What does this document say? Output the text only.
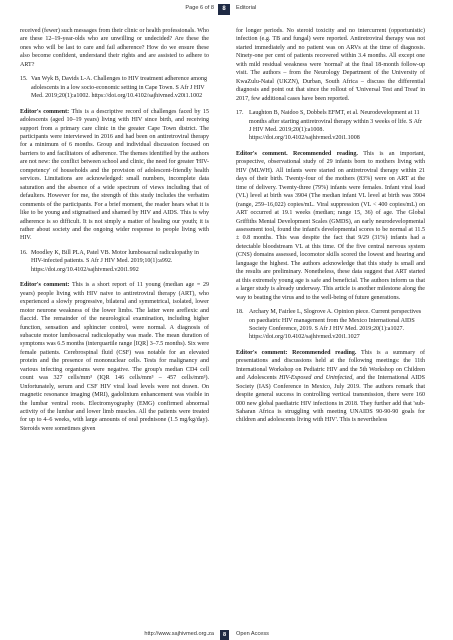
Page 6 of 8	8	Editorial

received (fewer) such messages from their clinic or health professionals. Who are these 12–19-year-olds who are unwilling or undecided? Are these the ones who will be last to care and fail adherence? How do we ensure these also become confident, understand their rights and are assisted to adhere to ART?

15. Van Wyk B, Davids L-A. Challenges to HIV treatment adherence among adolescents in a low socio-economic setting in Cape Town. S Afr J HIV Med. 2019;20(1):a1002. https://doi.org/10.4102/sajhivmed.v20i1.1002

Editor's comment: This is a descriptive record of challenges faced by 15 adolescents (aged 10–19 years) living with HIV since birth, and receiving support from a primary care clinic in the greater Cape Town district. The participants were interviewed in 2016 and had been on antiretroviral therapy for a minimum of 6 months. Group and individual discussion focused on barriers to and facilitators of adherence. The themes identified by the authors are not new: the conflict between school and clinic, the need for greater 'HIV-competency' of households and the provision of adolescent-friendly health services. Limitations are acknowledged: small numbers, incomplete data saturation and the absence of a wide spectrum of views including that of defaulters. However for me, the strength of this study includes the verbatim comments of the participants. For a brief moment, the reader hears what it is like to be young and stigmatised and shamed by HIV and AIDS. This is why adherence is so difficult. It is not simply a matter of healing our youth; it is rather about society and the ongoing wider response to people living with HIV.

16. Moodley K, Bill PLA, Patel VB. Motor lumbosacral radiculopathy in HIV-infected patients. S Afr J HIV Med. 2019;10(1):a992. https://doi.org/10.4102/sajhivmed.v20i1.992

Editor's comment: This is a short report of 11 young (median age = 29 years) people living with HIV naive to antiretroviral therapy (ART), who experienced a slowly progressive, bilateral and symmetrical, isolated, lower motor neurone weakness of the lower limbs. The latter were areflexic and flaccid. The remainder of the neurological examination, including higher function, sensation and sphincter control, were normal. A diagnosis of subacute motor lumbosacral radiculopathy was made. The mean duration of symptoms was 6.5 months (interquartile range [IQR] 3–7.5 months). Six were female patients. Cerebrospinal fluid (CSF) was notable for an elevated protein and the presence of mononuclear cells. Tests for malignancy and various infecting organisms were negative. The group's median CD4 cell count was 327 cells/mm³ (IQR 146 cells/mm³ – 457 cells/mm³). Unfortunately, serum and CSF HIV viral load levels were not drawn. On magnetic resonance imaging (MRI), gadolinium enhancement was visible in the lumbar ventral roots. Electromyography (EMG) confirmed abnormal activity of the lumbar and lower limb muscles. All the patients were treated for up to 4–6 weeks, with large amounts of oral prednisone (1.5 mg/kg/day). Steroids were sometimes given

for longer periods. No steroid toxicity and no intercurrent (opportunistic) infection (e.g. TB and fungal) were reported. Antiretroviral therapy was not started immediately and no patient was on ARVs at the time of diagnosis. Ninety-one per cent of patients recovered within 3.4 months. All except one with mild residual weakness were 'normal' at the final 18-month follow-up visit. The authors – from the Neurology Department of the University of KwaZulu-Natal (UKZN), Durban, South Africa – discuss the differential diagnosis and point out that since the rollout of 'Universal Test and Treat' in 2017, few additional cases have been reported.

17. Laughton B, Naidoo S, Dobbels EFMT, et al. Neurodevelopment at 11 months after starting antiretroviral therapy within 3 weeks of life. S Afr J HIV Med. 2019;20(1):a1008. https://doi.org/10.4102/sajhivmed.v20i1.1008

Editor's comment. Recommended reading. This is an important, prospective, observational study of 29 infants born to mothers living with HIV (MLWH). All infants were started on antiretroviral therapy within 21 days of their birth. Twenty-four of the mothers (83%) were on ART at the time of delivery. Twenty-three (79%) infants were females. Infant viral load (VL) level at birth was 3904 (The median infant VL level at birth was 3904 (range, 259–16,022) copies/mL. Viral suppression (VL < 400 copies/mL) on ART occurred at 19.1 weeks (median; range 15, 36) of age. The Global Griffiths Mental Development Scales (GMDS), an early neurodevelopmental assessment tool, found the infant's developmental scores to be normal at 11.5 ± 0.8 months. This was despite the fact that 9/29 (31%) infants had a detectable bloodstream VL at this time. Of the five central nervous system (CNS) domains assessed, locomotor skills scored the lowest and hearing and language the highest. The authors acknowledge that this study is small and the results are preliminary. Nonetheless, these data suggest that ART started at this extremely young age is safe and beneficial. The authors inform us that a larger study is already underway. This article is another milestone along the way to beating the virus and to the well-being of future generations.

18. Archary M, Fairlee L, Slogrove A. Opinion piece. Current perspectives on paediatric HIV management from the Mexico International AIDS Society Conference, 2019. S Afr J HIV Med. 2019;20(1):a1027. https://doi.org/10.4102/sajhivmed.v20i1.1027

Editor's comment: Recommended reading. This is a summary of presentations and discussions held at the following meetings: the 11th International Workshop on Pediatric HIV and the 5th Workshop on Children and Adolescents HIV-Exposed and Uninfected, and the International AIDS Society (IAS) Conference in Mexico, July 2019. The authors remark that despite general success in controlling vertical transmission, there were 160 000 new global paediatric HIV infections in 2018. They further add that 'sub-Saharan Africa is struggling with meeting UNAIDS 90-90-90 goals for children and adolescents living with HIV'. This is nevertheless

http://www.sajhivmed.org.za	8	Open Access
